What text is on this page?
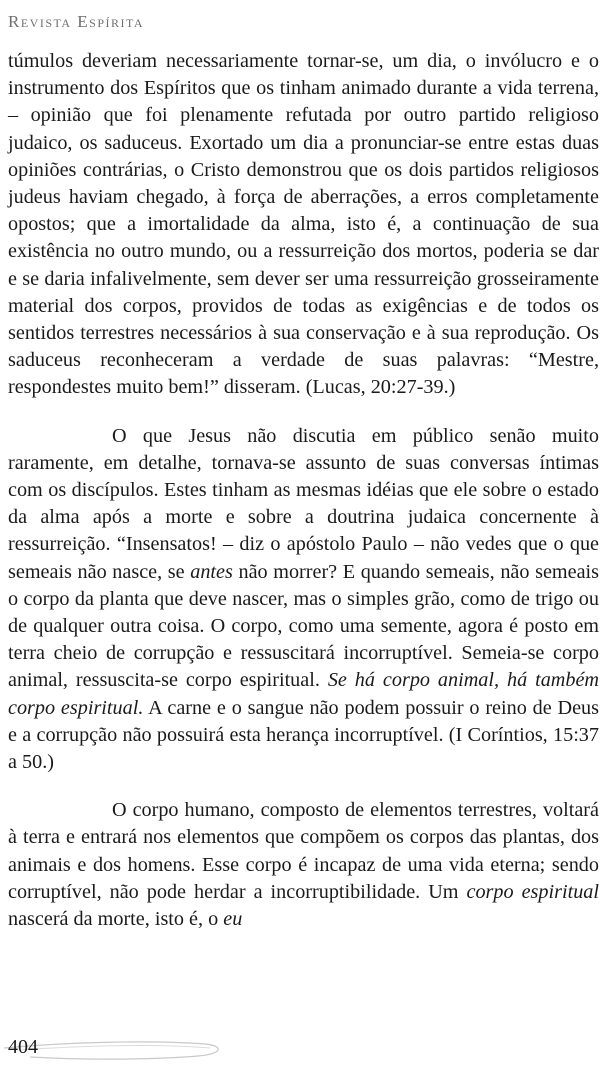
Revista Espírita

túmulos deveriam necessariamente tornar-se, um dia, o invólucro e o instrumento dos Espíritos que os tinham animado durante a vida terrena, – opinião que foi plenamente refutada por outro partido religioso judaico, os saduceus. Exortado um dia a pronunciar-se entre estas duas opiniões contrárias, o Cristo demonstrou que os dois partidos religiosos judeus haviam chegado, à força de aberrações, a erros completamente opostos; que a imortalidade da alma, isto é, a continuação de sua existência no outro mundo, ou a ressurreição dos mortos, poderia se dar e se daria infalivelmente, sem dever ser uma ressurreição grosseiramente material dos corpos, providos de todas as exigências e de todos os sentidos terrestres necessários à sua conservação e à sua reprodução. Os saduceus reconheceram a verdade de suas palavras: “Mestre, respondestes muito bem!” disseram. (Lucas, 20:27-39.)

O que Jesus não discutia em público senão muito raramente, em detalhe, tornava-se assunto de suas conversas íntimas com os discípulos. Estes tinham as mesmas idéias que ele sobre o estado da alma após a morte e sobre a doutrina judaica concernente à ressurreição. “Insensatos! – diz o apóstolo Paulo – não vedes que o que semeais não nasce, se antes não morrer? E quando semeais, não semeais o corpo da planta que deve nascer, mas o simples grão, como de trigo ou de qualquer outra coisa. O corpo, como uma semente, agora é posto em terra cheio de corrupção e ressuscitará incorruptível. Semeia-se corpo animal, ressuscita-se corpo espiritual. Se há corpo animal, há também corpo espiritual. A carne e o sangue não podem possuir o reino de Deus e a corrupção não possuirá esta herança incorruptível. (I Coríntios, 15:37 a 50.)

O corpo humano, composto de elementos terrestres, voltará à terra e entrará nos elementos que compõem os corpos das plantas, dos animais e dos homens. Esse corpo é incapaz de uma vida eterna; sendo corruptível, não pode herdar a incorruptibilidade. Um corpo espiritual nascerá da morte, isto é, o eu

404
